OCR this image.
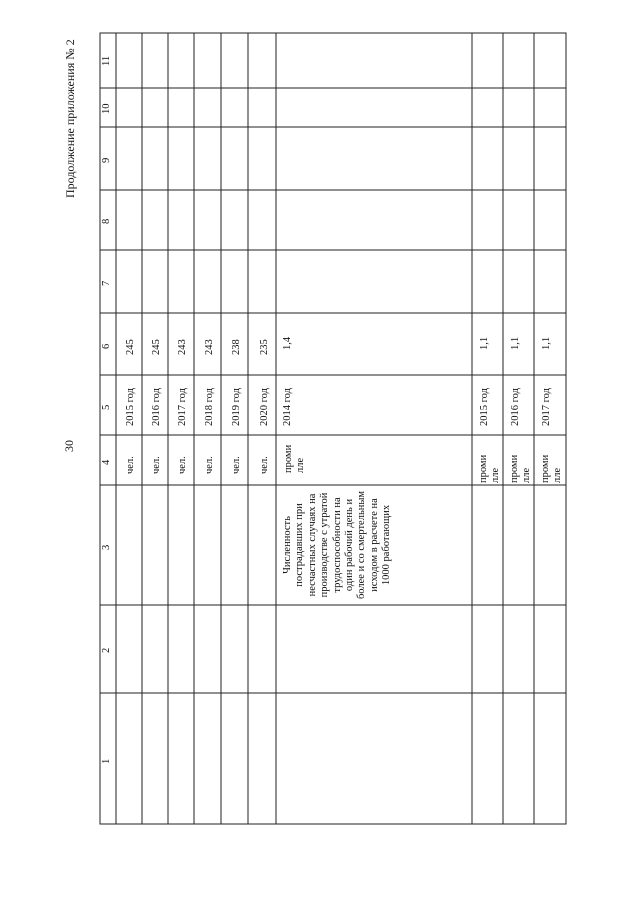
30
Продолжение приложения № 2
1
2
3
4
5
6
7
8
9
10
11
чел.
2015 год
245
чел.
2016 год
245
чел.
2017 год
243
чел.
2018 год
243
чел.
2019 год
238
чел.
2020 год
235
Численность пострадавших при несчастных случаях на производстве с утратой трудоспособности на один рабочий день и более и со смертельным исходом в расчете на 1000 работающих
проми лле
2014 год
1,4
проми лле
2015 год
1,1
проми лле
2016 год
1,1
проми лле
2017 год
1,1
